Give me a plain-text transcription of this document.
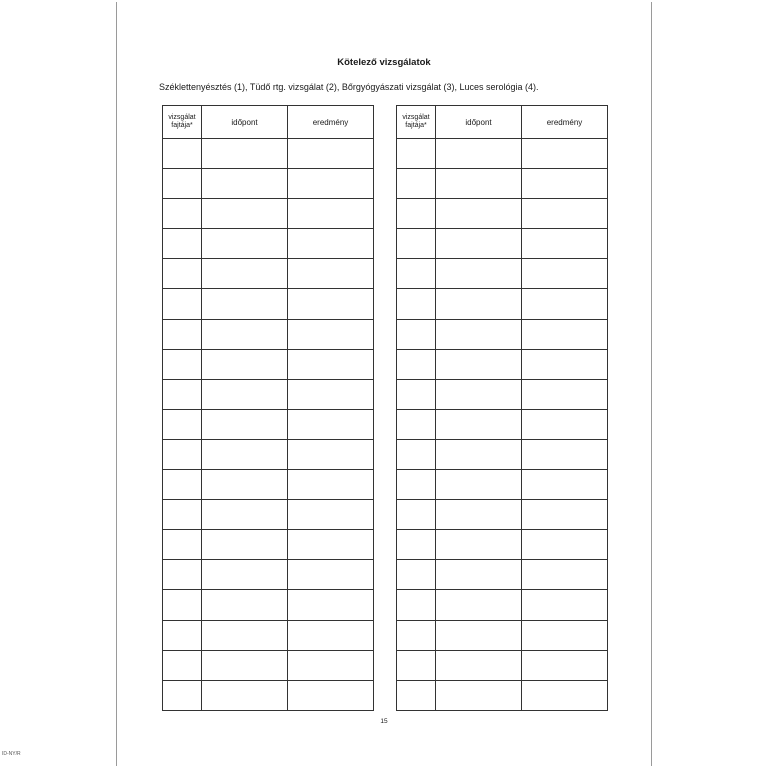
Kötelező vizsgálatok
Széklettenyésztés (1), Tüdő rtg. vizsgálat (2), Bőrgyógyászati vizsgálat (3), Luces serológia (4).
vizsgálat fajtája*	időpont	eredmény

			vizsgálat fajtája*	időpont	eredmény

15
ID-NY/R
